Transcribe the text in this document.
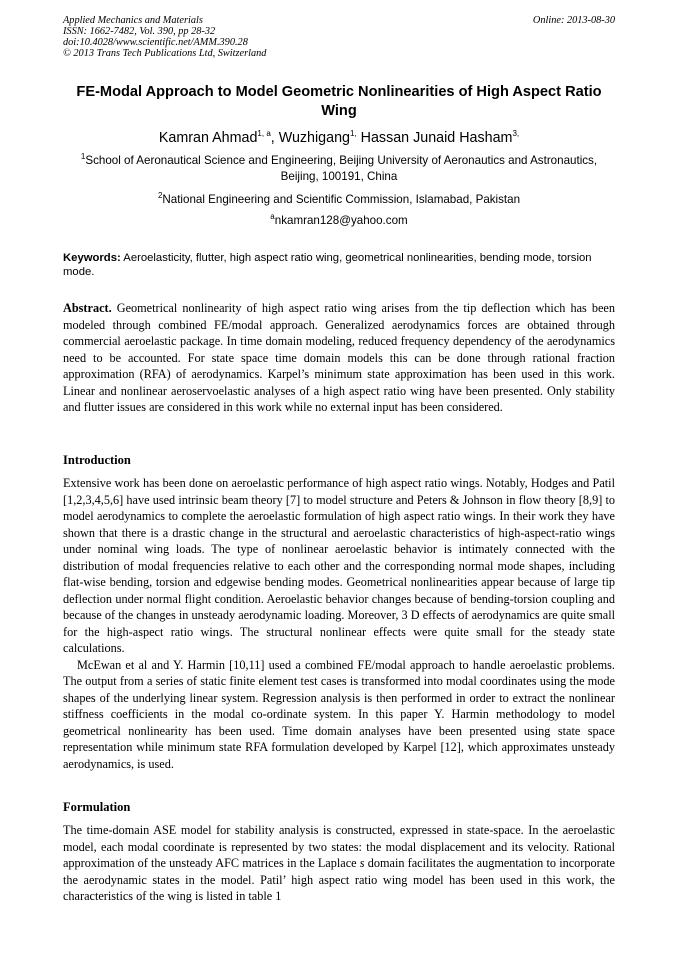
Applied Mechanics and Materials
ISSN: 1662-7482, Vol. 390, pp 28-32
doi:10.4028/www.scientific.net/AMM.390.28
© 2013 Trans Tech Publications Ltd, Switzerland
Online: 2013-08-30
FE-Modal Approach to Model Geometric Nonlinearities of High Aspect Ratio Wing
Kamran Ahmad$^{1, a}$, Wuzhigang$^{1,}$ Hassan Junaid Hasham$^{3,}$
$^1$School of Aeronautical Science and Engineering, Beijing University of Aeronautics and Astronautics, Beijing, 100191, China
$^2$National Engineering and Scientific Commission, Islamabad, Pakistan
$^a$nkamran128@yahoo.com
Keywords: Aeroelasticity, flutter, high aspect ratio wing, geometrical nonlinearities, bending mode, torsion mode.

Abstract. Geometrical nonlinearity of high aspect ratio wing arises from the tip deflection which has been modeled through combined FE/modal approach. Generalized aerodynamics forces are obtained through commercial aeroelastic package. In time domain modeling, reduced frequency dependency of the aerodynamics need to be accounted. For state space time domain models this can be done through rational fraction approximation (RFA) of aerodynamics. Karpel’s minimum state approximation has been used in this work. Linear and nonlinear aeroservoelastic analyses of a high aspect ratio wing have been presented. Only stability and flutter issues are considered in this work while no external input has been considered.

Introduction

Extensive work has been done on aeroelastic performance of high aspect ratio wings. Notably, Hodges and Patil [1,2,3,4,5,6] have used intrinsic beam theory [7] to model structure and Peters & Johnson in flow theory [8,9] to model aerodynamics to complete the aeroelastic formulation of high aspect ratio wings. In their work they have shown that there is a drastic change in the structural and aeroelastic characteristics of high-aspect-ratio wings under nominal wing loads. The type of nonlinear aeroelastic behavior is intimately connected with the distribution of modal frequencies relative to each other and the corresponding normal mode shapes, including flat-wise bending, torsion and edgewise bending modes. Geometrical nonlinearities appear because of large tip deflection under normal flight condition. Aeroelastic behavior changes because of bending-torsion coupling and because of the changes in unsteady aerodynamic loading. Moreover, 3 D effects of aerodynamics are quite small for the high-aspect ratio wings. The structural nonlinear effects were quite small for the steady state calculations.

McEwan et al and Y. Harmin [10,11] used a combined FE/modal approach to handle aeroelastic problems. The output from a series of static finite element test cases is transformed into modal coordinates using the mode shapes of the underlying linear system. Regression analysis is then performed in order to extract the nonlinear stiffness coefficients in the modal co-ordinate system. In this paper Y. Harmin methodology to model geometrical nonlinearity has been used. Time domain analyses have been presented using state space representation while minimum state RFA formulation developed by Karpel [12], which approximates unsteady aerodynamics, is used.

Formulation

The time-domain ASE model for stability analysis is constructed, expressed in state-space. In the aeroelastic model, each modal coordinate is represented by two states: the modal displacement and its velocity. Rational approximation of the unsteady AFC matrices in the Laplace s domain facilitates the augmentation to incorporate the aerodynamic states in the model. Patil’ high aspect ratio wing model has been used in this work, the characteristics of the wing is listed in table 1
